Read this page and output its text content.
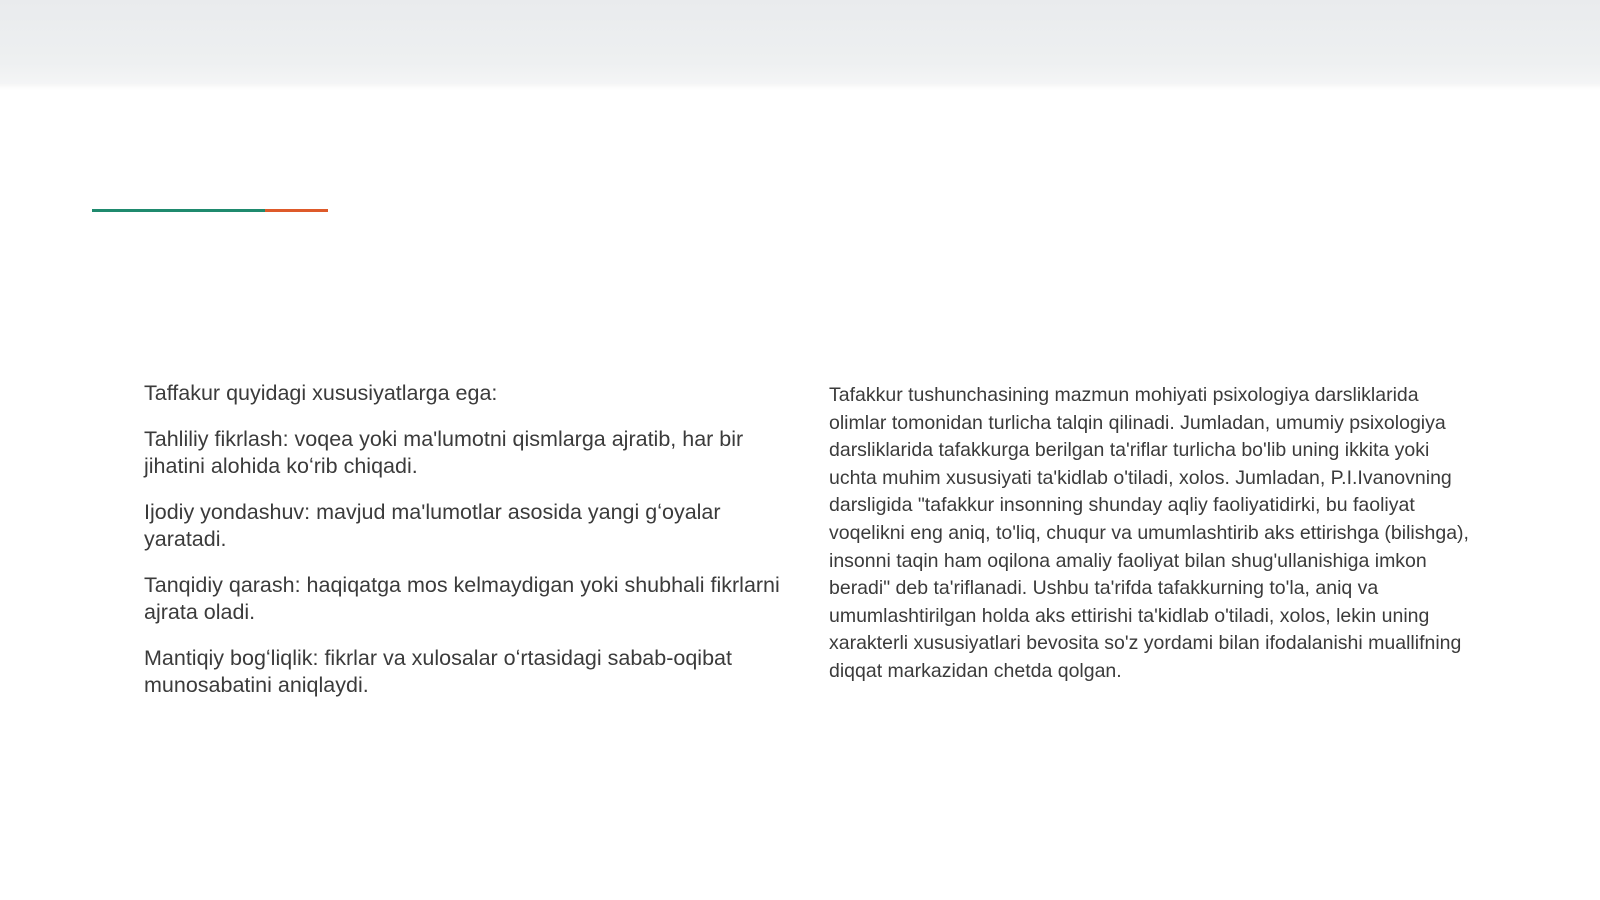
Taffakur quyidagi xususiyatlarga ega:

Tahliliy fikrlash: voqea yoki ma'lumotni qismlarga ajratib, har bir jihatini alohida koʻrib chiqadi.

Ijodiy yondashuv: mavjud ma'lumotlar asosida yangi gʻoyalar yaratadi.

Tanqidiy qarash: haqiqatga mos kelmaydigan yoki shubhali fikrlarni ajrata oladi.

Mantiqiy bogʻliqlik: fikrlar va xulosalar oʻrtasidagi sabab-oqibat munosabatini aniqlaydi.

Tafakkur tushunchasining mazmun mohiyati psixologiya darsliklarida olimlar tomonidan turlicha talqin qilinadi. Jumladan, umumiy psixologiya darsliklarida tafakkurga berilgan ta'riflar turlicha bo'lib uning ikkita yoki uchta muhim xususiyati ta'kidlab o'tiladi, xolos. Jumladan, P.I.Ivanovning darsligida "tafakkur insonning shunday aqliy faoliyatidirki, bu faoliyat voqelikni eng aniq, to'liq, chuqur va umumlashtirib aks ettirishga (bilishga), insonni taqin ham oqilona amaliy faoliyat bilan shug'ullanishiga imkon beradi" deb ta'riflanadi. Ushbu ta'rifda tafakkurning to'la, aniq va umumlashtirilgan holda aks ettirishi ta'kidlab o'tiladi, xolos, lekin uning xarakterli xususiyatlari bevosita so'z yordami bilan ifodalanishi muallifning diqqat markazidan chetda qolgan.
